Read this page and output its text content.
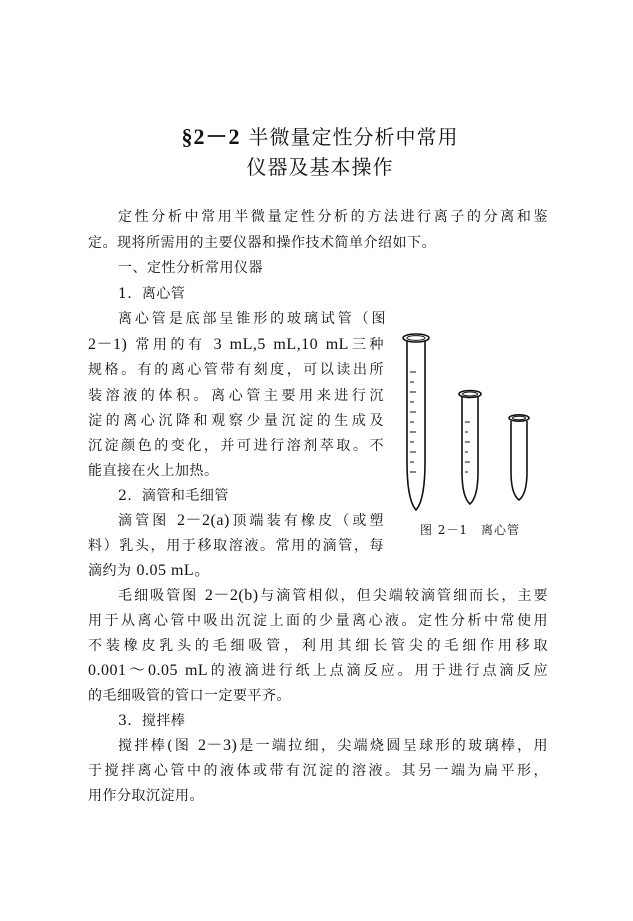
§2－2 半微量定性分析中常用
仪器及基本操作
定性分析中常用半微量定性分析的方法进行离子的分离和鉴
定。现将所需用的主要仪器和操作技术简单介绍如下。
一、定性分析常用仪器
1．离心管
离心管是底部呈锥形的玻璃试管（图
2－1) 常用的有 3 mL,5 mL,10 mL三种
规格。有的离心管带有刻度，可以读出所
装溶液的体积。离心管主要用来进行沉
淀的离心沉降和观察少量沉淀的生成及
沉淀颜色的变化，并可进行溶剂萃取。不
能直接在火上加热。
2．滴管和毛细管
滴管图 2－2(a)顶端装有橡皮（或塑
料）乳头，用于移取溶液。常用的滴管，每
滴约为 0.05 mL。
毛细吸管图 2－2(b)与滴管相似，但尖端较滴管细而长，主要
用于从离心管中吸出沉淀上面的少量离心液。定性分析中常使用
不装橡皮乳头的毛细吸管，利用其细长管尖的毛细作用移取
0.001～0.05 mL的液滴进行纸上点滴反应。用于进行点滴反应
的毛细吸管的管口一定要平齐。
3．搅拌棒
搅拌棒(图 2－3)是一端拉细，尖端烧圆呈球形的玻璃棒，用
于搅拌离心管中的液体或带有沉淀的溶液。其另一端为扁平形，
用作分取沉淀用。
图 2－1　离心管
